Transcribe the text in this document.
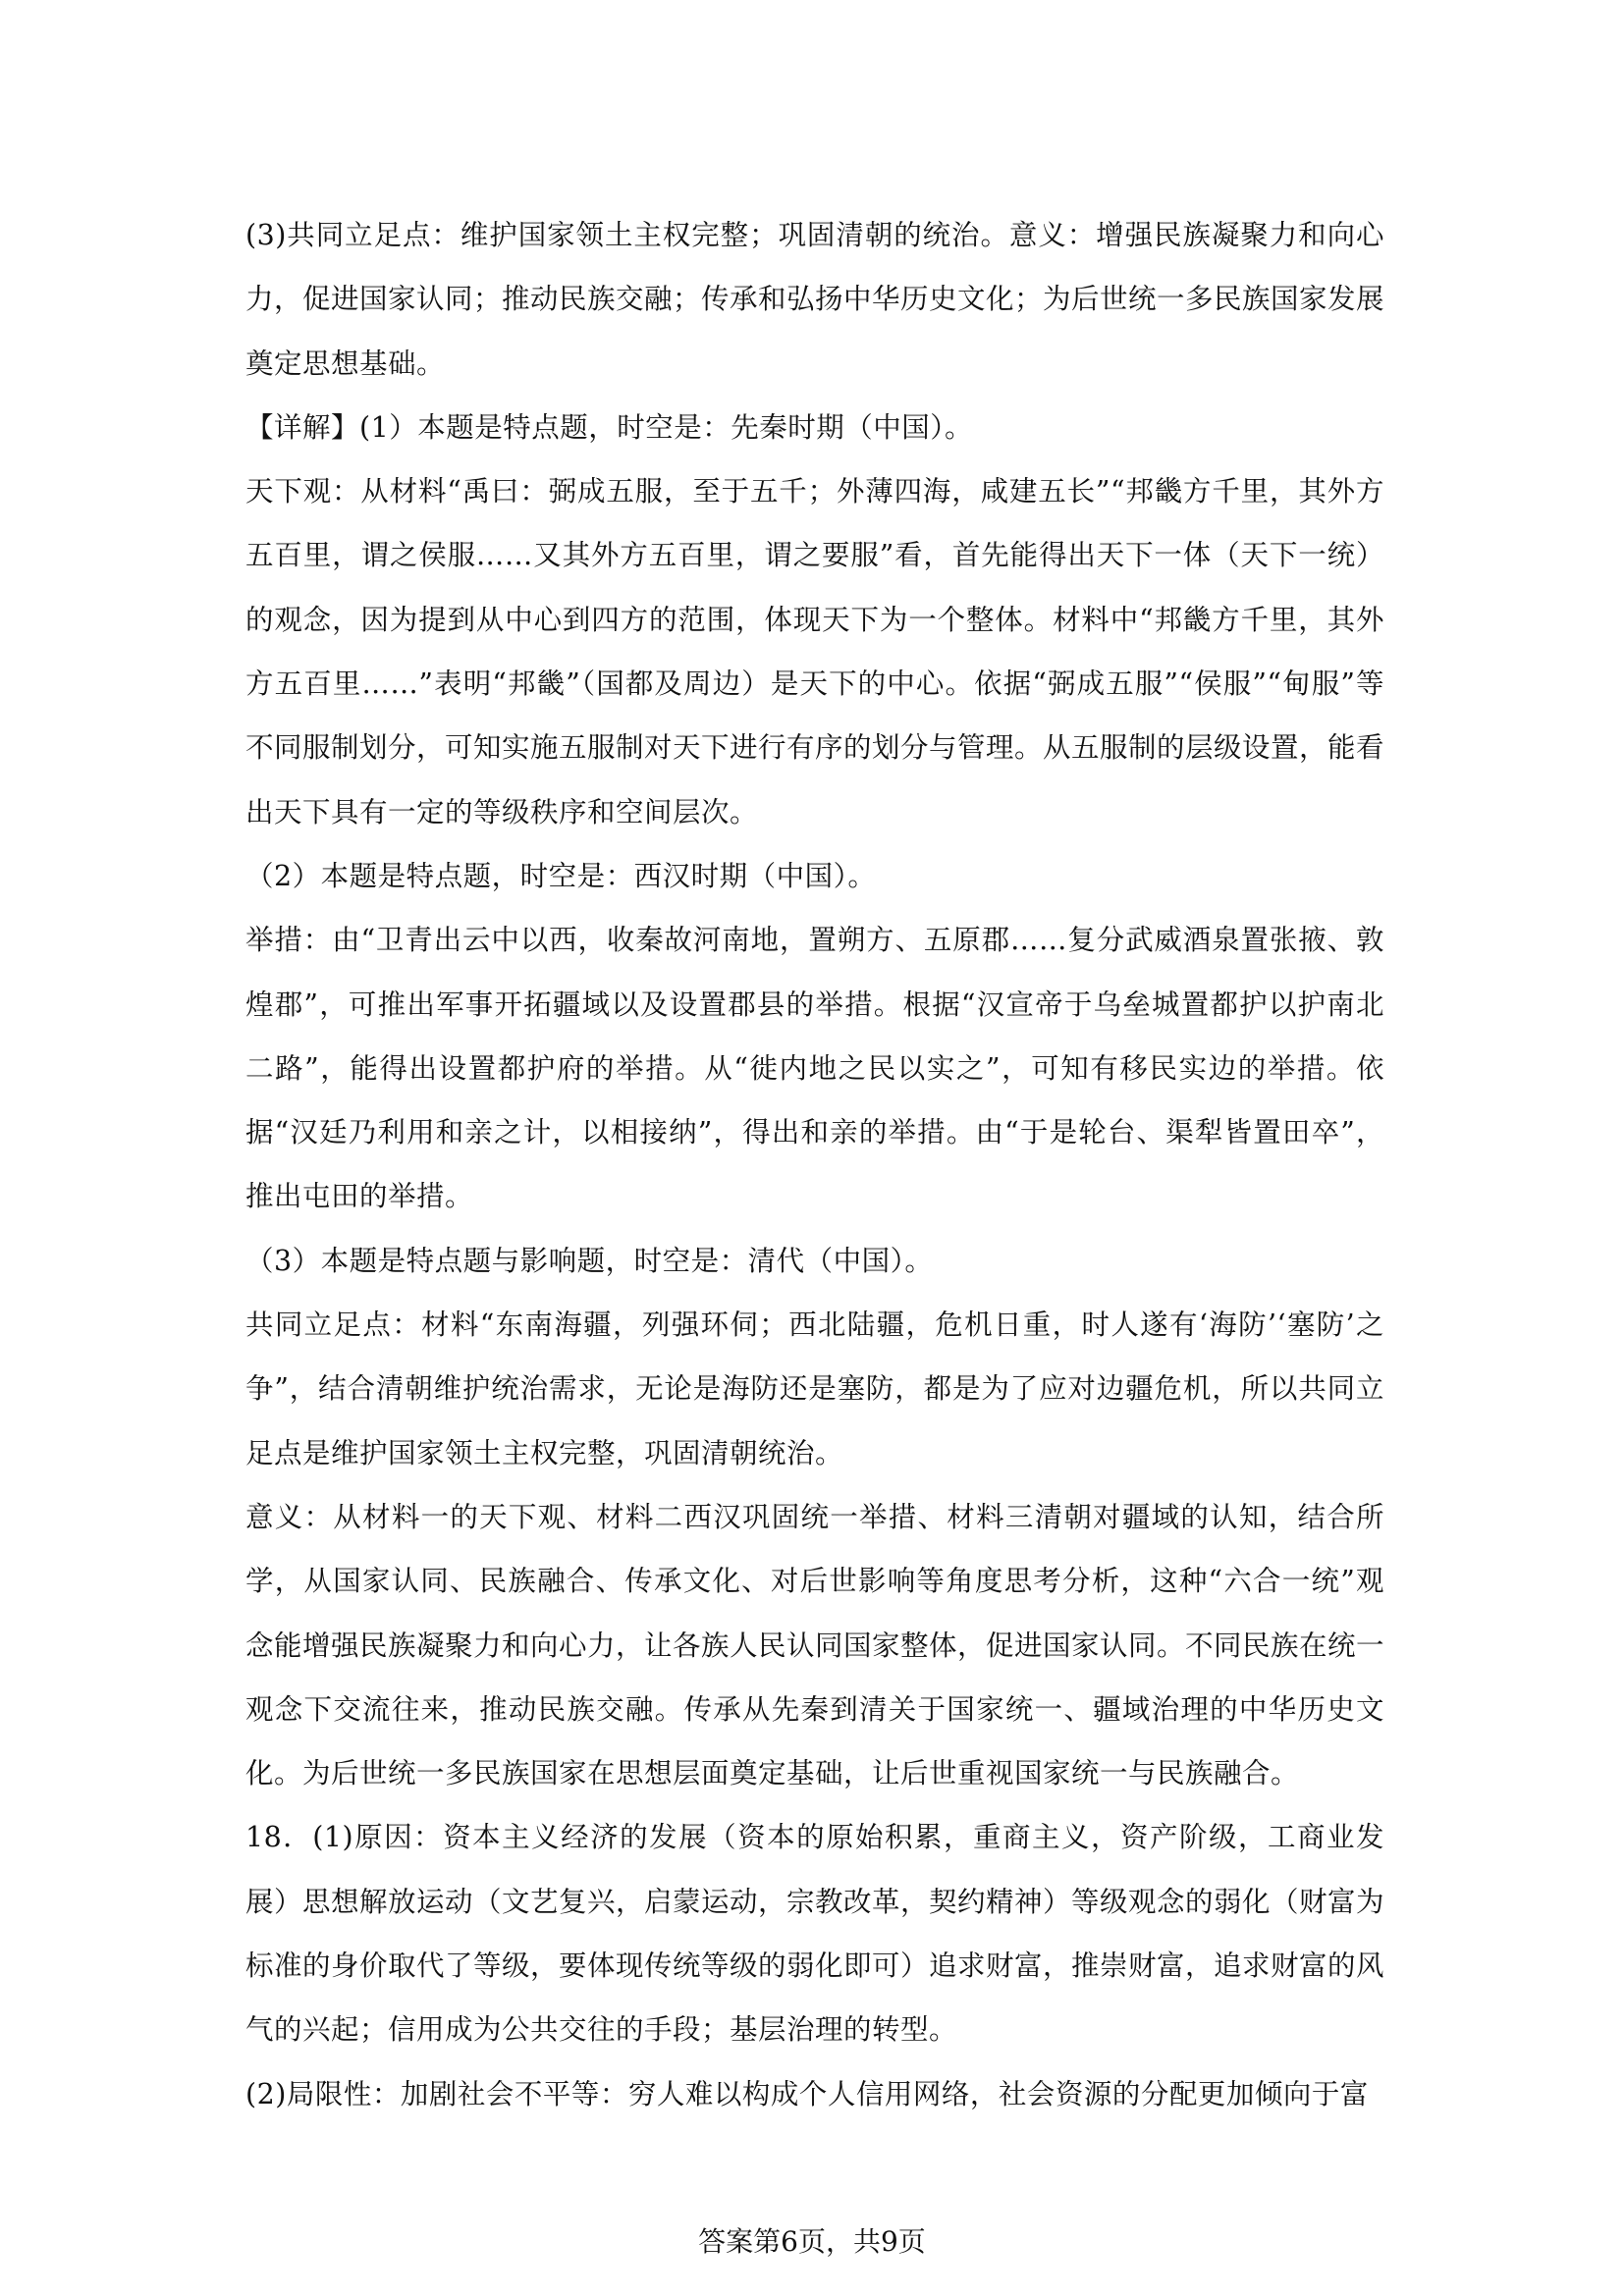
(3)共同立足点：维护国家领土主权完整；巩固清朝的统治。意义：增强民族凝聚力和向心力，促进国家认同；推动民族交融；传承和弘扬中华历史文化；为后世统一多民族国家发展奠定思想基础。

【详解】(1）本题是特点题，时空是：先秦时期（中国）。

天下观：从材料“禹曰：弼成五服，至于五千；外薄四海，咸建五长”“邦畿方千里，其外方五百里，谓之侯服……又其外方五百里，谓之要服”看，首先能得出天下一体（天下一统）的观念，因为提到从中心到四方的范围，体现天下为一个整体。材料中“邦畿方千里，其外方五百里……”表明“邦畿”（国都及周边）是天下的中心。依据“弼成五服”“侯服”“甸服”等不同服制划分，可知实施五服制对天下进行有序的划分与管理。从五服制的层级设置，能看出天下具有一定的等级秩序和空间层次。

（2）本题是特点题，时空是：西汉时期（中国）。

举措：由“卫青出云中以西，收秦故河南地，置朔方、五原郡……复分武威酒泉置张掖、敦煌郡”，可推出军事开拓疆域以及设置郡县的举措。根据“汉宣帝于乌垒城置都护以护南北二路”，能得出设置都护府的举措。从“徙内地之民以实之”，可知有移民实边的举措。依据“汉廷乃利用和亲之计，以相接纳”，得出和亲的举措。由“于是轮台、渠犁皆置田卒”，推出屯田的举措。

（3）本题是特点题与影响题，时空是：清代（中国）。

共同立足点：材料“东南海疆，列强环伺；西北陆疆，危机日重，时人遂有‘海防’‘塞防’之争”，结合清朝维护统治需求，无论是海防还是塞防，都是为了应对边疆危机，所以共同立足点是维护国家领土主权完整，巩固清朝统治。

意义：从材料一的天下观、材料二西汉巩固统一举措、材料三清朝对疆域的认知，结合所学，从国家认同、民族融合、传承文化、对后世影响等角度思考分析，这种“六合一统”观念能增强民族凝聚力和向心力，让各族人民认同国家整体，促进国家认同。不同民族在统一观念下交流往来，推动民族交融。传承从先秦到清关于国家统一、疆域治理的中华历史文化。为后世统一多民族国家在思想层面奠定基础，让后世重视国家统一与民族融合。

18．(1)原因：资本主义经济的发展（资本的原始积累，重商主义，资产阶级，工商业发展）思想解放运动（文艺复兴，启蒙运动，宗教改革，契约精神）等级观念的弱化（财富为标准的身价取代了等级，要体现传统等级的弱化即可）追求财富，推崇财富，追求财富的风气的兴起；信用成为公共交往的手段；基层治理的转型。

(2)局限性：加剧社会不平等：穷人难以构成个人信用网络，社会资源的分配更加倾向于富

答案第6页，共9页
